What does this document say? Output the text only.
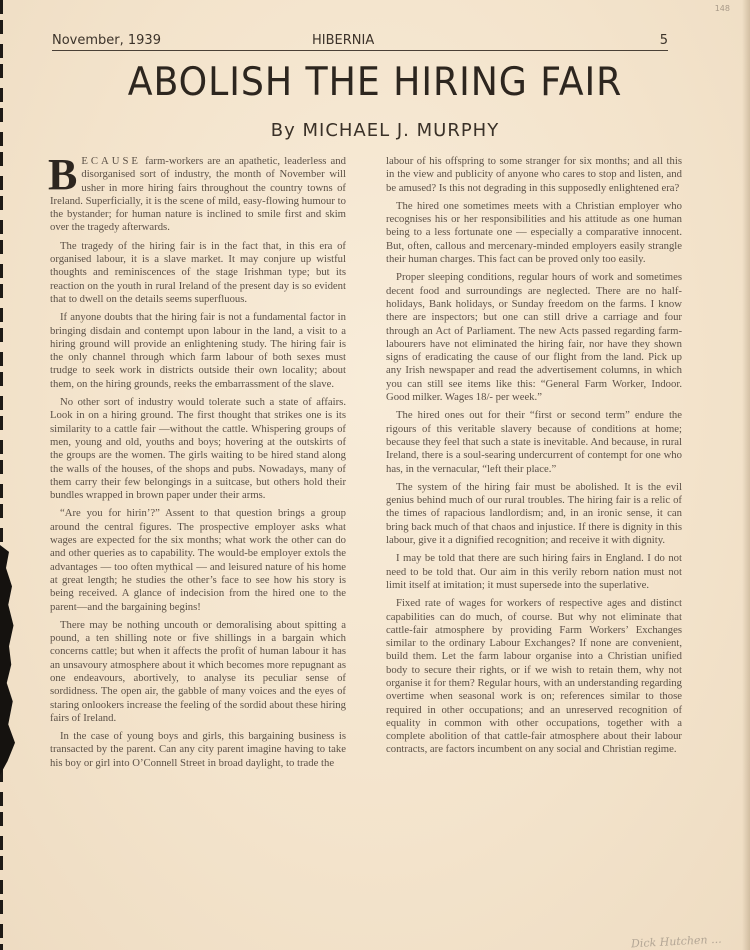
148
November, 1939	HIBERNIA	5
ABOLISH THE HIRING FAIR
By MICHAEL J. MURPHY

BECAUSE farm-workers are an apathetic, leaderless and disorganised sort of industry, the month of November will usher in more hiring fairs throughout the country towns of Ireland. Superficially, it is the scene of mild, easy-flowing humour to the bystander; for human nature is inclined to smile first and skim over the tragedy afterwards.

The tragedy of the hiring fair is in the fact that, in this era of organised labour, it is a slave market. It may conjure up wistful thoughts and reminiscences of the stage Irishman type; but its reaction on the youth in rural Ireland of the present day is so evident that to dwell on the details seems superfluous.

If anyone doubts that the hiring fair is not a fundamental factor in bringing disdain and contempt upon labour in the land, a visit to a hiring ground will provide an enlightening study. The hiring fair is the only channel through which farm labour of both sexes must trudge to seek work in districts outside their own locality; about them, on the hiring grounds, reeks the embarrassment of the slave.

No other sort of industry would tolerate such a state of affairs. Look in on a hiring ground. The first thought that strikes one is its similarity to a cattle fair —without the cattle. Whispering groups of men, young and old, youths and boys; hovering at the outskirts of the groups are the women. The girls waiting to be hired stand along the walls of the houses, of the shops and pubs. Nowadays, many of them carry their few belongings in a suitcase, but others hold their bundles wrapped in brown paper under their arms.

“Are you for hirin’?” Assent to that question brings a group around the central figures. The prospective employer asks what wages are expected for the six months; what work the other can do and other queries as to capability. The would-be employer extols the advantages — too often mythical — and leisured nature of his home at great length; he studies the other’s face to see how his story is being received. A glance of indecision from the hired one to the parent—and the bargaining begins!

There may be nothing uncouth or demoralising about spitting a pound, a ten shilling note or five shillings in a bargain which concerns cattle; but when it affects the profit of human labour it has an unsavoury atmosphere about it which becomes more repugnant as one endeavours, abortively, to analyse its peculiar sense of sordidness. The open air, the gabble of many voices and the eyes of staring onlookers increase the feeling of the sordid about these hiring fairs of Ireland.

In the case of young boys and girls, this bargaining business is transacted by the parent. Can any city parent imagine having to take his boy or girl into O’Connell Street in broad daylight, to trade the

labour of his offspring to some stranger for six months; and all this in the view and publicity of anyone who cares to stop and listen, and be amused? Is this not degrading in this supposedly enlightened era?

The hired one sometimes meets with a Christian employer who recognises his or her responsibilities and his attitude as one human being to a less fortunate one — especially a comparative innocent. But, often, callous and mercenary-minded employers easily strangle their human charges. This fact can be proved only too easily.

Proper sleeping conditions, regular hours of work and sometimes decent food and surroundings are neglected. There are no half-holidays, Bank holidays, or Sunday freedom on the farms. I know there are inspectors; but one can still drive a carriage and four through an Act of Parliament. The new Acts passed regarding farm-labourers have not eliminated the hiring fair, nor have they shown signs of eradicating the cause of our flight from the land. Pick up any Irish newspaper and read the advertisement columns, in which you can still see items like this: “General Farm Worker, Indoor. Good milker. Wages 18/- per week.”

The hired ones out for their “first or second term” endure the rigours of this veritable slavery because of conditions at home; because they feel that such a state is inevitable. And because, in rural Ireland, there is a soul-searing undercurrent of contempt for one who has, in the vernacular, “left their place.”

The system of the hiring fair must be abolished. It is the evil genius behind much of our rural troubles. The hiring fair is a relic of the times of rapacious landlordism; and, in an ironic sense, it can bring back much of that chaos and injustice. If there is dignity in this labour, give it a dignified recognition; and receive it with dignity.

I may be told that there are such hiring fairs in England. I do not need to be told that. Our aim in this verily reborn nation must not limit itself at imitation; it must supersede into the superlative.

Fixed rate of wages for workers of respective ages and distinct capabilities can do much, of course. But why not eliminate that cattle-fair atmosphere by providing Farm Workers’ Exchanges similar to the ordinary Labour Exchanges? If none are convenient, build them. Let the farm labour organise into a Christian unified body to secure their rights, or if we wish to retain them, why not organise it for them? Regular hours, with an understanding regarding overtime when seasonal work is on; references similar to those required in other occupations; and an unreserved recognition of equality in common with other occupations, together with a complete abolition of that cattle-fair atmosphere about their labour contracts, are factors incumbent on any social and Christian regime.

Dick Hutchen ...
